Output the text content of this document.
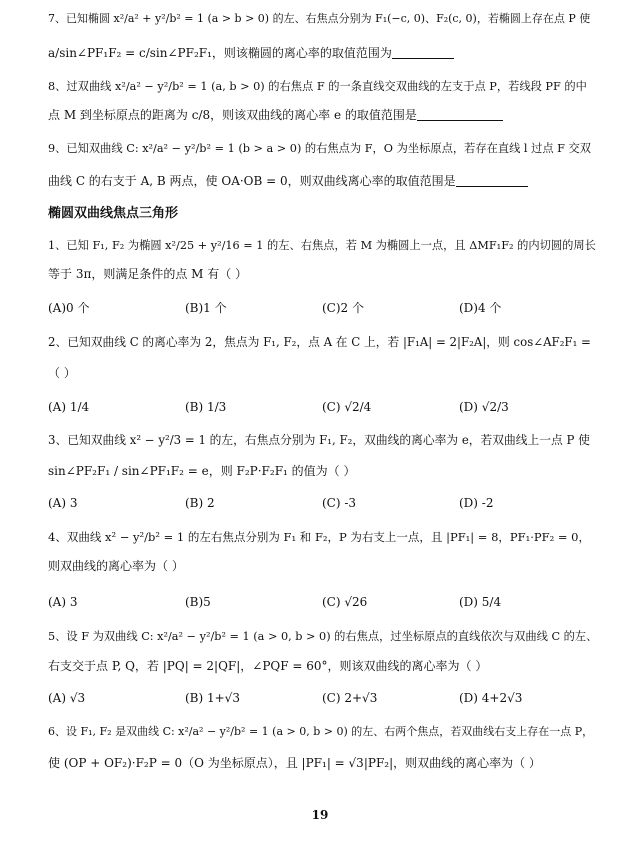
7、已知椭圆 x²/a² + y²/b² = 1 (a > b > 0) 的左、右焦点分别为 F₁(−c, 0)、F₂(c, 0)，若椭圆上存在点 P 使
a/sin∠PF₁F₂ = c/sin∠PF₂F₁，则该椭圆的离心率的取值范围为
8、过双曲线 x²/a² − y²/b² = 1 (a, b > 0) 的右焦点 F 的一条直线交双曲线的左支于点 P，若线段 PF 的中
点 M 到坐标原点的距离为 c/8，则该双曲线的离心率 e 的取值范围是
9、已知双曲线 C: x²/a² − y²/b² = 1 (b > a > 0) 的右焦点为 F，O 为坐标原点，若存在直线 l 过点 F 交双
曲线 C 的右支于 A, B 两点，使 OA·OB = 0，则双曲线离心率的取值范围是
椭圆双曲线焦点三角形
1、已知 F₁, F₂ 为椭圆 x²/25 + y²/16 = 1 的左、右焦点，若 M 为椭圆上一点，且 ΔMF₁F₂ 的内切圆的周长
等于 3π，则满足条件的点 M 有（ ）
(A)0 个	(B)1 个	(C)2 个	(D)4 个
2、已知双曲线 C 的离心率为 2，焦点为 F₁, F₂，点 A 在 C 上，若 |F₁A| = 2|F₂A|，则 cos∠AF₂F₁ =
（ ）
(A) 1/4	(B) 1/3	(C) √2/4	(D) √2/3
3、已知双曲线 x² − y²/3 = 1 的左，右焦点分别为 F₁, F₂，双曲线的离心率为 e，若双曲线上一点 P 使
sin∠PF₂F₁ / sin∠PF₁F₂ = e，则 F₂P·F₂F₁ 的值为（ ）
(A) 3	(B) 2	(C) -3	(D) -2
4、双曲线 x² − y²/b² = 1 的左右焦点分别为 F₁ 和 F₂，P 为右支上一点，且 |PF₁| = 8，PF₁·PF₂ = 0，
则双曲线的离心率为（ ）
(A) 3	(B)5	(C) √26	(D) 5/4
5、设 F 为双曲线 C: x²/a² − y²/b² = 1 (a > 0, b > 0) 的右焦点，过坐标原点的直线依次与双曲线 C 的左、
右支交于点 P, Q，若 |PQ| = 2|QF|，∠PQF = 60°，则该双曲线的离心率为（ ）
(A) √3	(B) 1+√3	(C) 2+√3	(D) 4+2√3
6、设 F₁, F₂ 是双曲线 C: x²/a² − y²/b² = 1 (a > 0, b > 0) 的左、右两个焦点，若双曲线右支上存在一点 P，
使 (OP + OF₂)·F₂P = 0（O 为坐标原点），且 |PF₁| = √3|PF₂|，则双曲线的离心率为（ ）
19
